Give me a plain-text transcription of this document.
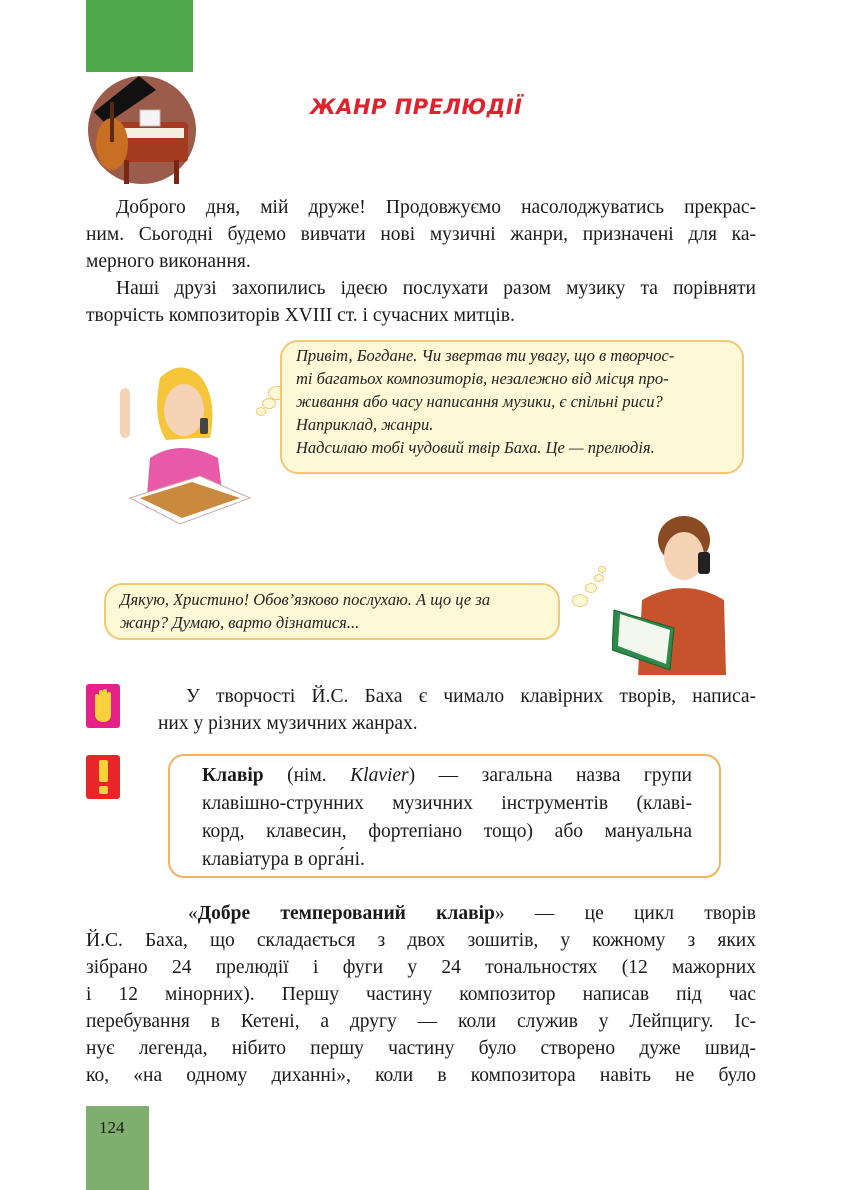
ЖАНР ПРЕЛЮДІЇ

Доброго дня, мій друже! Продовжуємо насолоджуватись прекрас-
ним. Сьогодні будемо вивчати нові музичні жанри, призначені для ка-
мерного виконання.

Наші друзі захопились ідеєю послухати разом музику та порівняти
творчість композиторів XVIII ст. і сучасних митців.

Привіт, Богдане. Чи звертав ти увагу, що в творчос-
ті багатьох композиторів, незалежно від місця про-
живання або часу написання музики, є спільні риси?
Наприклад, жанри.
Надсилаю тобі чудовий твір Баха. Це — прелюдія.
Дякую, Христино! Обов’язково послухаю. А що це за
жанр? Думаю, варто дізнатися...

У творчості Й.С. Баха є чимало клавірних творів, написа-
них у різних музичних жанрах.

Клавір (нім. Klavier) — загальна назва групи
клавішно-струнних музичних інструментів (клаві-
корд, клавесин, фортепіано тощо) або мануальна
клавіатура в орга́ні.

«Добре темперований клавір» — це цикл творів
Й.С. Баха, що складається з двох зошитів, у кожному з яких
зібрано 24 прелюдії і фуги у 24 тональностях (12 мажорних
і 12 мінорних). Першу частину композитор написав під час
перебування в Кетені, а другу — коли служив у Лейпцигу. Іс-
нує легенда, нібито першу частину було створено дуже швид-
ко, «на одному диханні», коли в композитора навіть не було

124
